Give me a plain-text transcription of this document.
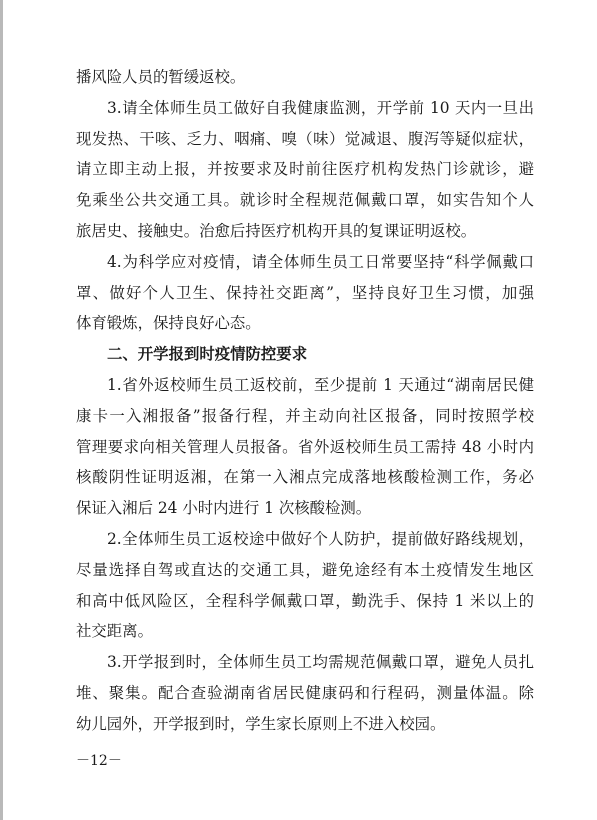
播风险人员的暂缓返校。
3.请全体师生员工做好自我健康监测，开学前 10 天内一旦出
现发热、干咳、乏力、咽痛、嗅（味）觉减退、腹泻等疑似症状，
请立即主动上报，并按要求及时前往医疗机构发热门诊就诊，避
免乘坐公共交通工具。就诊时全程规范佩戴口罩，如实告知个人
旅居史、接触史。治愈后持医疗机构开具的复课证明返校。
4.为科学应对疫情，请全体师生员工日常要坚持“科学佩戴口
罩、做好个人卫生、保持社交距离”，坚持良好卫生习惯，加强
体育锻炼，保持良好心态。
二、开学报到时疫情防控要求
1.省外返校师生员工返校前，至少提前 1 天通过“湖南居民健
康卡一入湘报备”报备行程，并主动向社区报备，同时按照学校
管理要求向相关管理人员报备。省外返校师生员工需持 48 小时内
核酸阴性证明返湘，在第一入湘点完成落地核酸检测工作，务必
保证入湘后 24 小时内进行 1 次核酸检测。
2.全体师生员工返校途中做好个人防护，提前做好路线规划，
尽量选择自驾或直达的交通工具，避免途经有本土疫情发生地区
和高中低风险区，全程科学佩戴口罩，勤洗手、保持 1 米以上的
社交距离。
3.开学报到时，全体师生员工均需规范佩戴口罩，避免人员扎
堆、聚集。配合查验湖南省居民健康码和行程码，测量体温。除
幼儿园外，开学报到时，学生家长原则上不进入校园。
－12－
